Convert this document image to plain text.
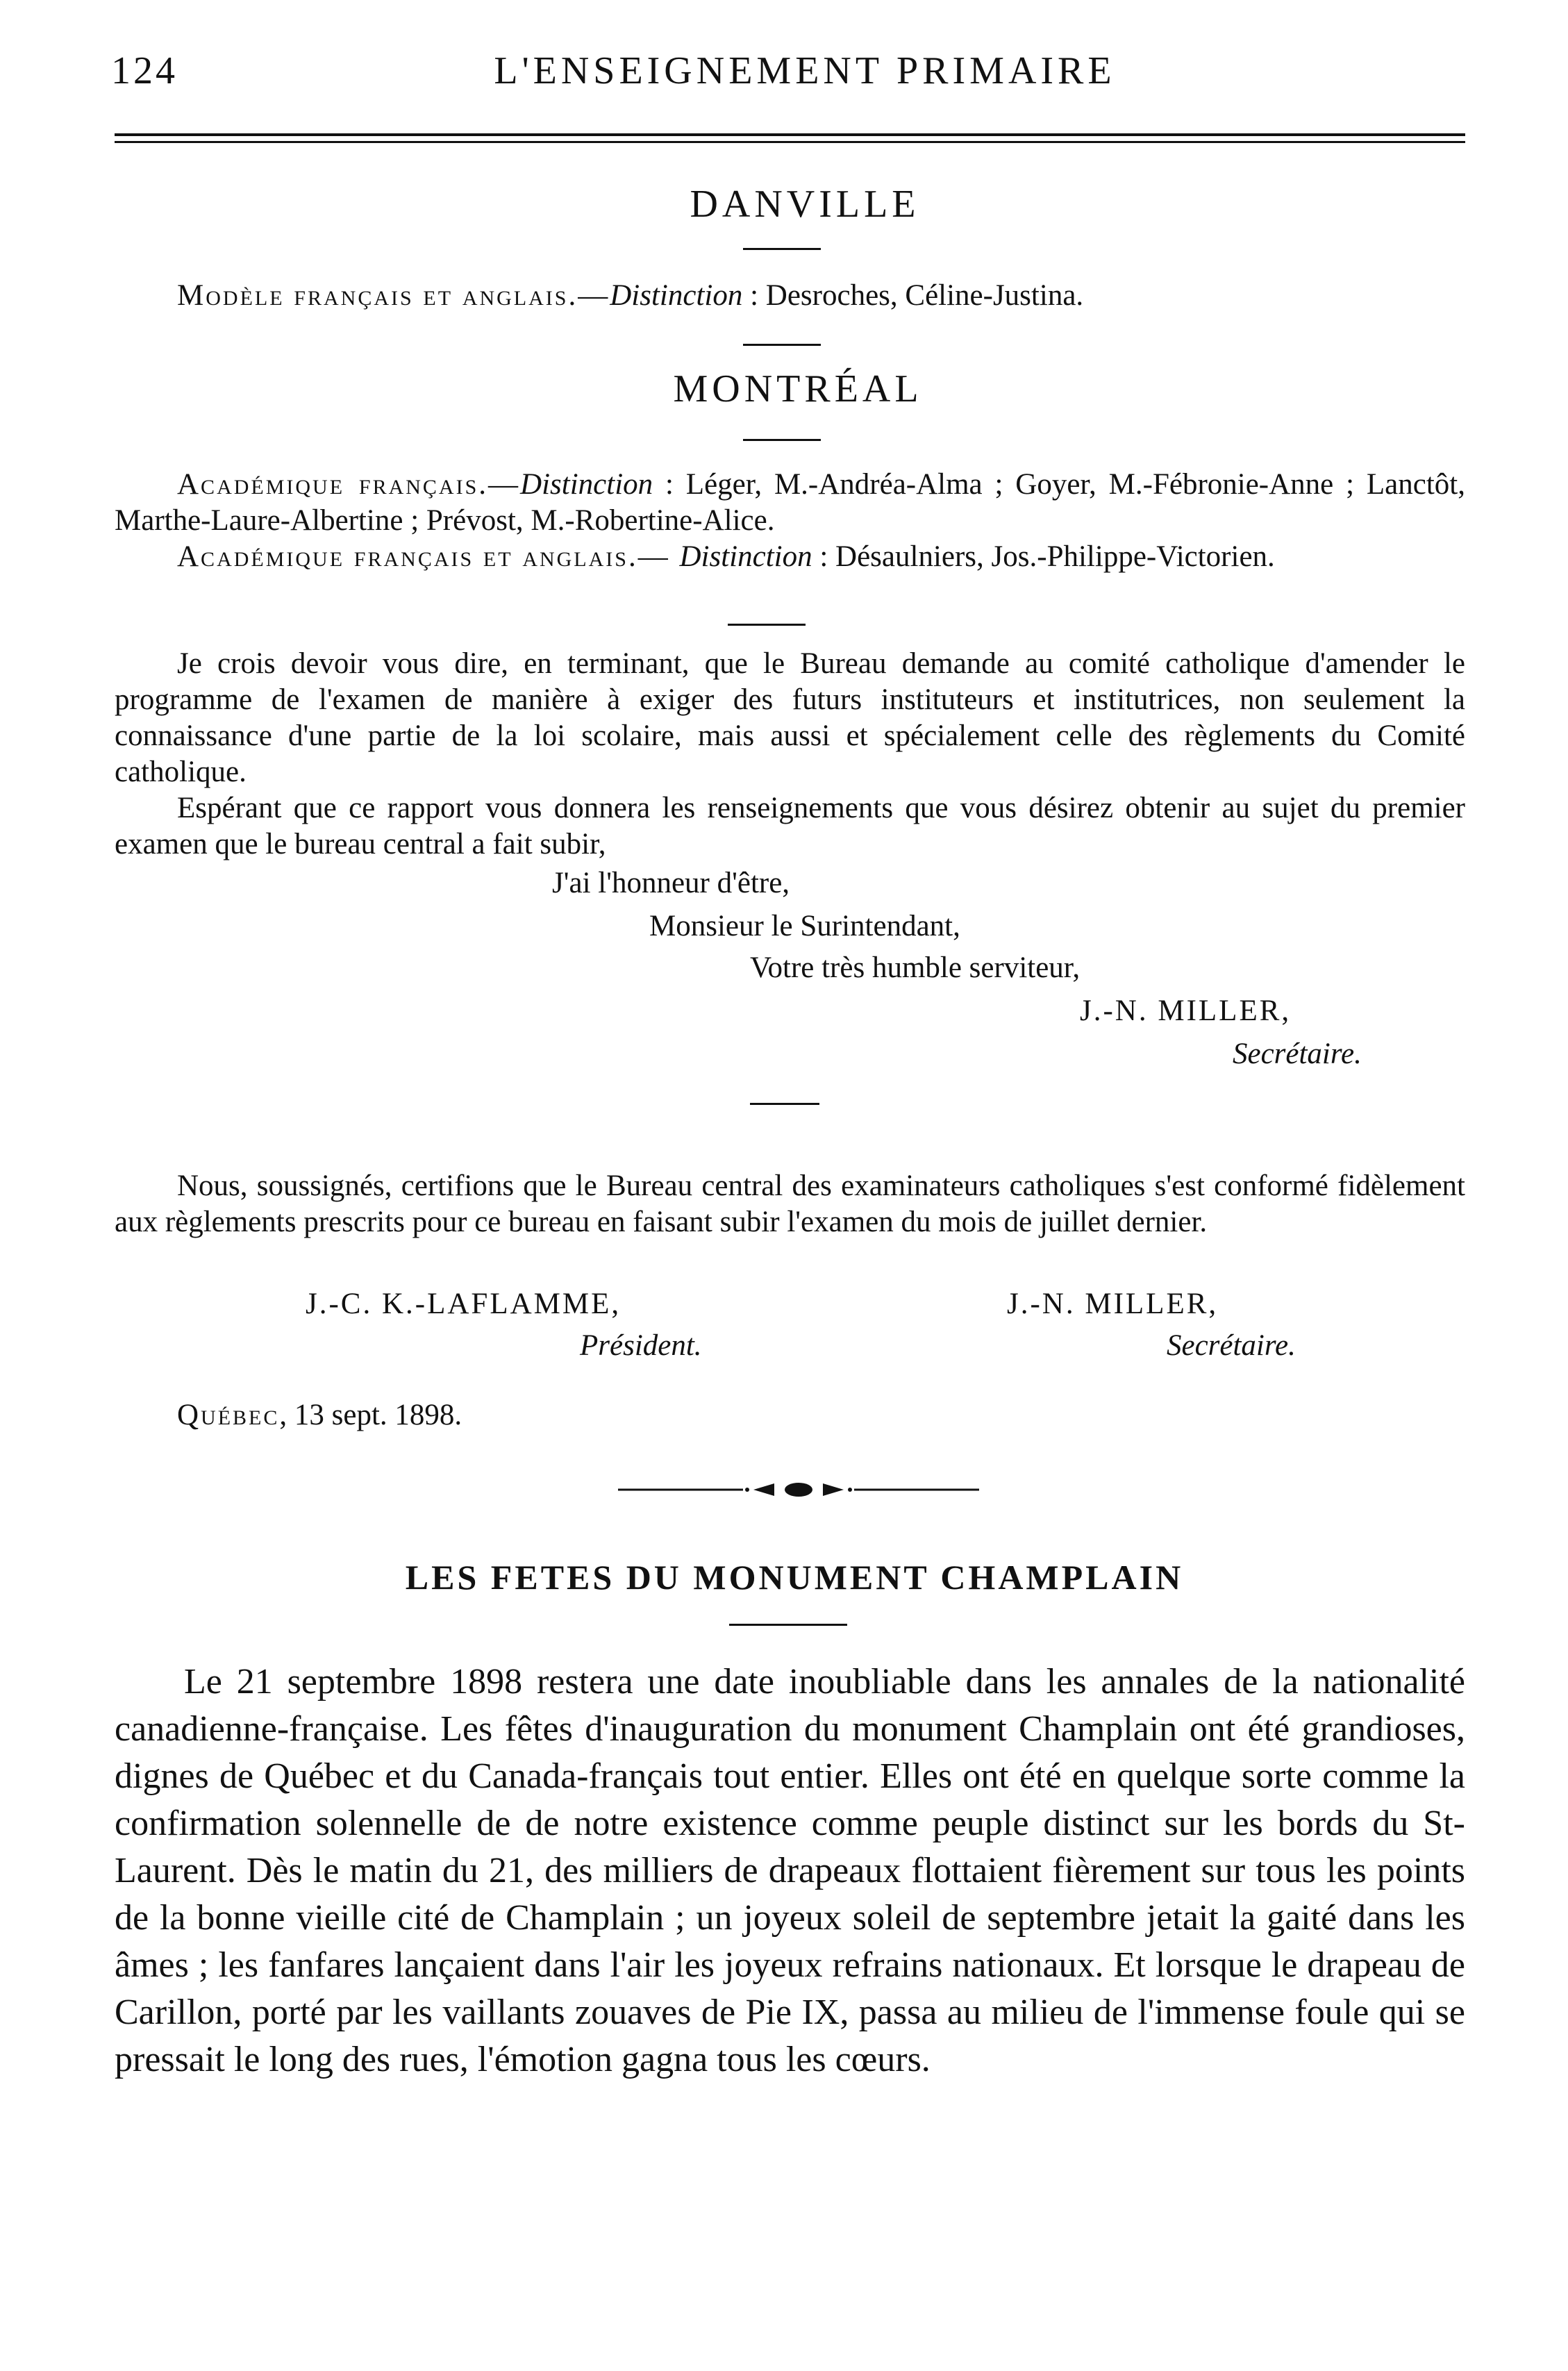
124	L'ENSEIGNEMENT PRIMAIRE
DANVILLE
Modèle français et anglais.—Distinction : Desroches, Céline-Justina.
MONTRÉAL
Académique français.—Distinction : Léger, M.-Andréa-Alma ; Goyer, M.-Fébronie-Anne ; Lanctôt, Marthe-Laure-Albertine ; Prévost, M.-Robertine-Alice.
Académique français et anglais.— Distinction : Désaulniers, Jos.-Philippe-Victorien.

Je crois devoir vous dire, en terminant, que le Bureau demande au comité catholique d'amender le programme de l'examen de manière à exiger des futurs instituteurs et institutrices, non seulement la connaissance d'une partie de la loi scolaire, mais aussi et spécialement celle des règlements du Comité catholique.

Espérant que ce rapport vous donnera les renseignements que vous désirez obtenir au sujet du premier examen que le bureau central a fait subir,

J'ai l'honneur d'être,
Monsieur le Surintendant,
Votre très humble serviteur,
J.-N. MILLER,
Secrétaire.

Nous, soussignés, certifions que le Bureau central des examinateurs catholiques s'est conformé fidèlement aux règlements prescrits pour ce bureau en faisant subir l'examen du mois de juillet dernier.

J.-C. K.-LAFLAMME,
Président.
J.-N. MILLER,
Secrétaire.
Québec, 13 sept. 1898.
LES FETES DU MONUMENT CHAMPLAIN

Le 21 septembre 1898 restera une date inoubliable dans les annales de la nationalité canadienne-française. Les fêtes d'inauguration du monument Champlain ont été grandioses, dignes de Québec et du Canada-français tout entier. Elles ont été en quelque sorte comme la confirmation solennelle de de notre existence comme peuple distinct sur les bords du St-Laurent. Dès le matin du 21, des milliers de drapeaux flottaient fièrement sur tous les points de la bonne vieille cité de Champlain ; un joyeux soleil de septembre jetait la gaité dans les âmes ; les fanfares lançaient dans l'air les joyeux refrains nationaux. Et lorsque le drapeau de Carillon, porté par les vaillants zouaves de Pie IX, passa au milieu de l'immense foule qui se pressait le long des rues, l'émotion gagna tous les cœurs.
